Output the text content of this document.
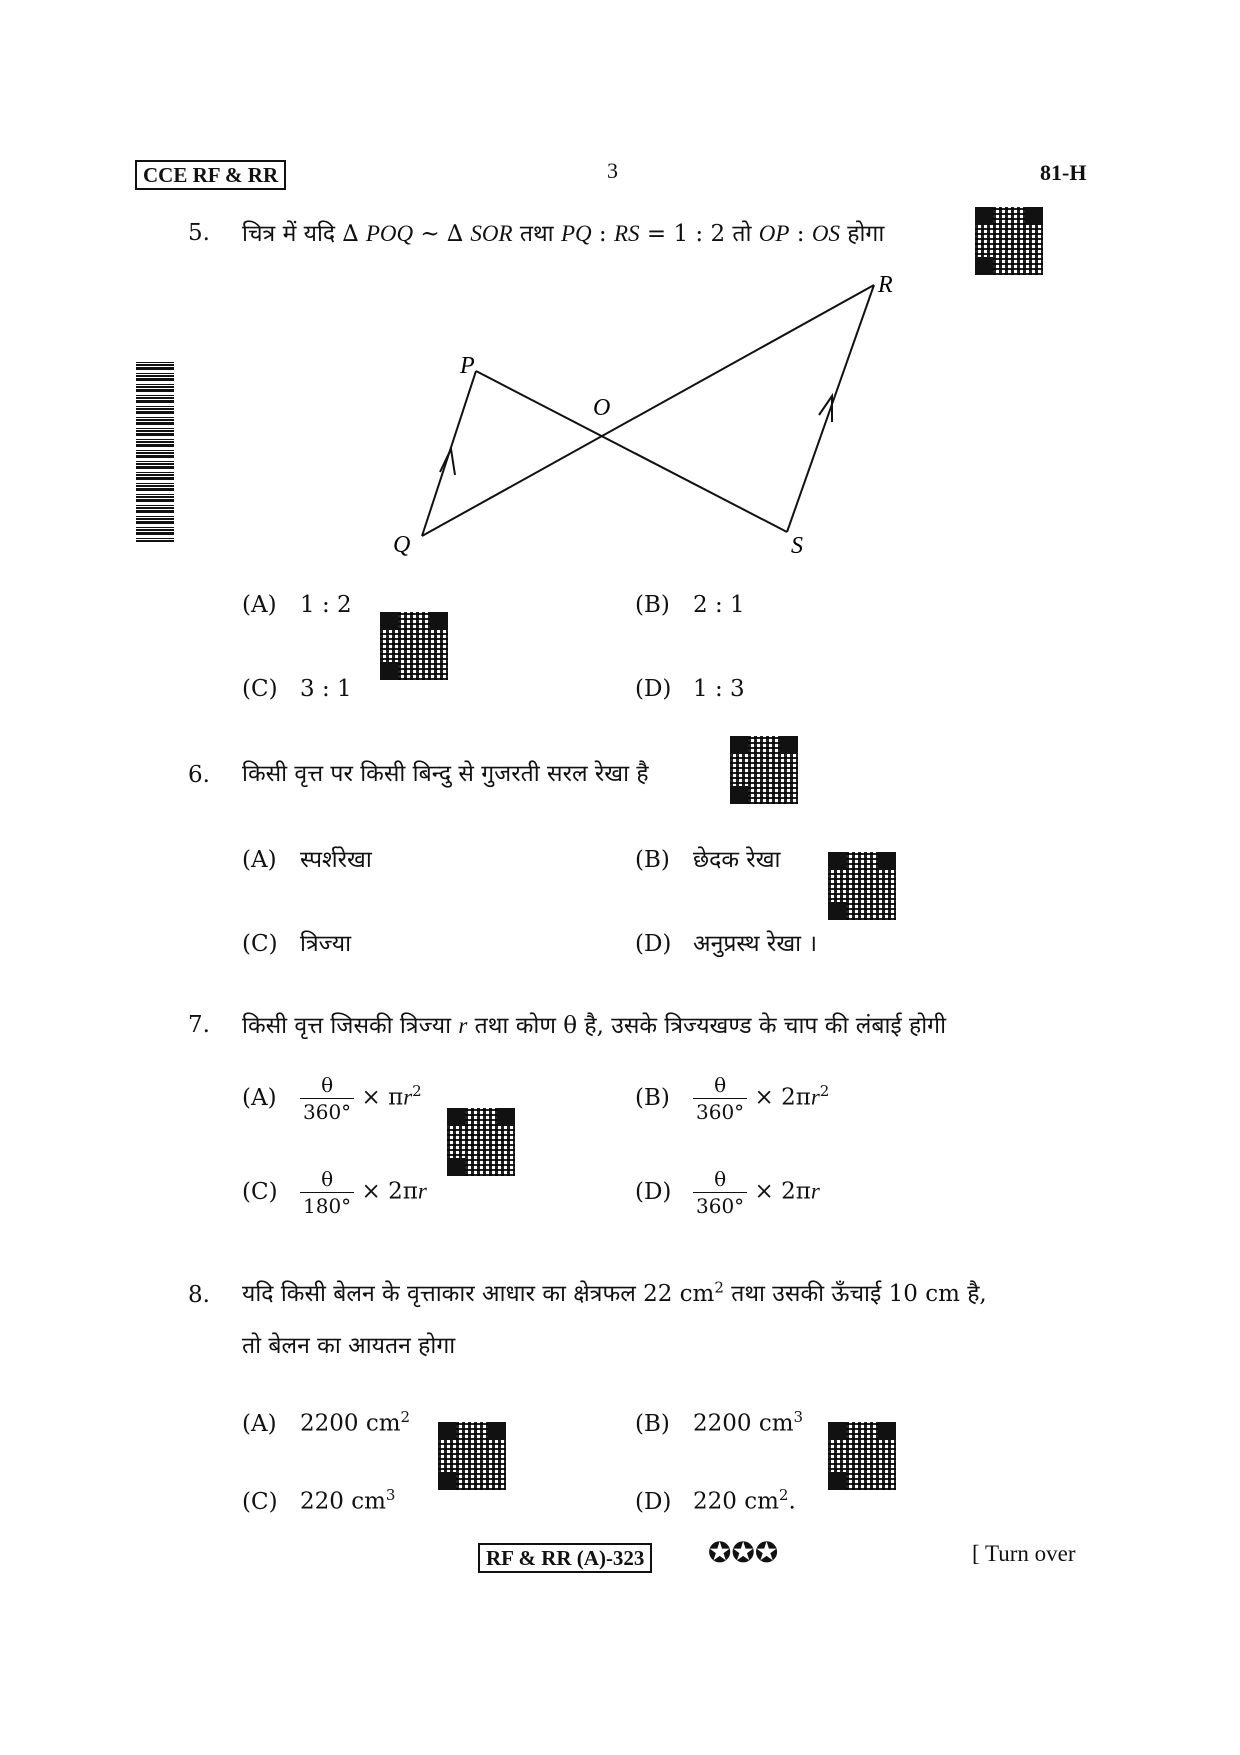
CCE RF & RR	3	81-H
5. चित्र में यदि ∆ POQ ~ ∆ SOR तथा PQ : RS = 1 : 2 तो OP : OS होगा
P
Q
O
R
S
(A) 1 : 2	(B) 2 : 1
(C) 3 : 1	(D) 1 : 3
6. किसी वृत्त पर किसी बिन्दु से गुजरती सरल रेखा है
(A) स्पर्शरेखा	(B) छेदक रेखा
(C) त्रिज्या	(D) अनुप्रस्थ रेखा ।
7. किसी वृत्त जिसकी त्रिज्या r तथा कोण θ है, उसके त्रिज्यखण्ड के चाप की लंबाई होगी
$(A) \frac{\theta}{360^\circ} \times \pi r^2$	$(B) \frac{\theta}{360^\circ} \times 2\pi r^2$
$(C) \frac{\theta}{180^\circ} \times 2\pi r$	$(D) \frac{\theta}{360^\circ} \times 2\pi r$
8. यदि किसी बेलन के वृत्ताकार आधार का क्षेत्रफल 22 $cm^2$ तथा उसकी ऊँचाई 10 cm है,
तो बेलन का आयतन होगा
(A) 2200 $cm^2$	(B) 2200 $cm^3$
(C) 220 $cm^3$	(D) 220 $cm^2$.
RF & RR (A)-323 ✪✪✪	[ Turn over
